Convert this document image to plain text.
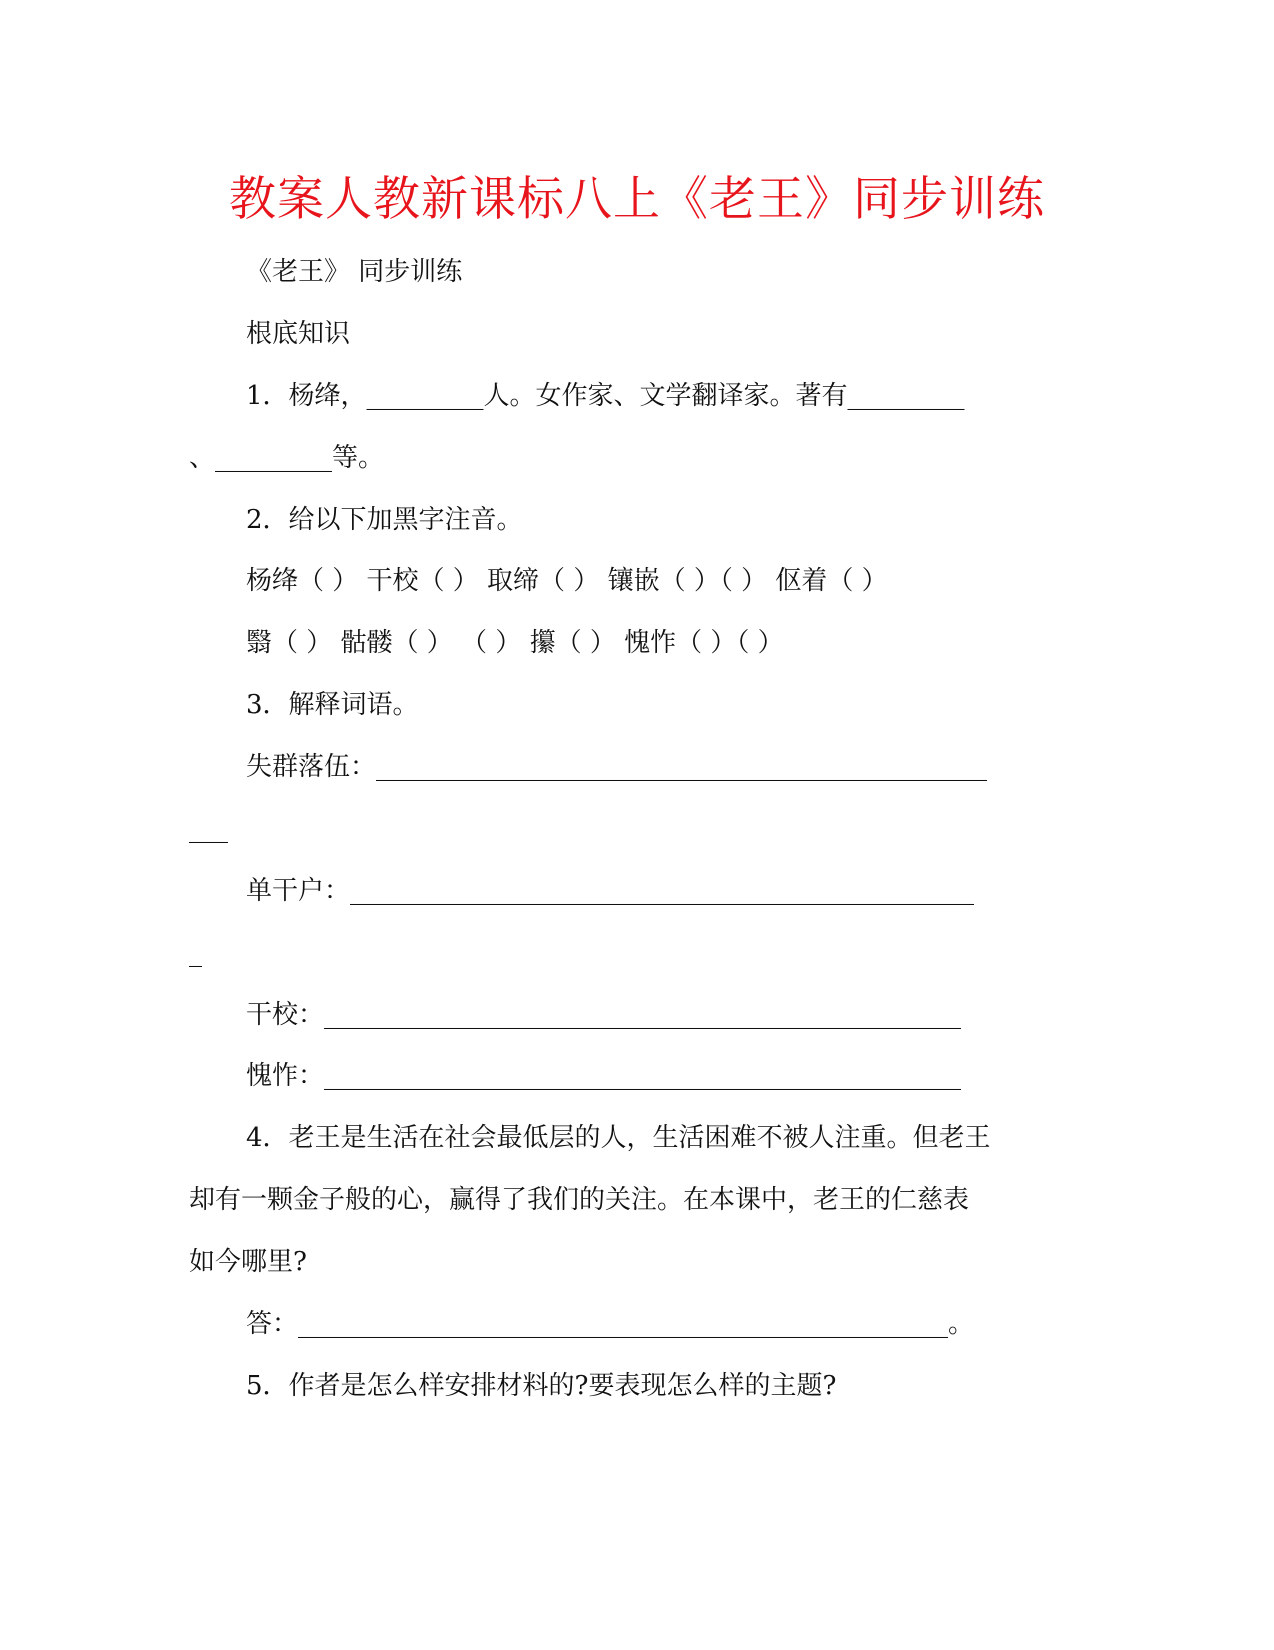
教案人教新课标八上《老王》同步训练
《老王》 同步训练
根底知识
1．杨绛，_________人。女作家、文学翻译家。著有_________
、_________等。
2．给以下加黑字注音。
杨绛（ ） 干校（ ） 取缔（ ） 镶嵌（ ）（ ） 伛着（ ）
翳（ ） 骷髅（ ） （ ） 攥（ ） 愧怍（ ）（ ）
3．解释词语。
失群落伍：_______________________________________________
___
单干户：________________________________________________
_
干校：_________________________________________________
愧怍：_________________________________________________
4．老王是生活在社会最低层的人，生活困难不被人注重。但老王
却有一颗金子般的心，赢得了我们的关注。在本课中，老王的仁慈表
如今哪里?
答：__________________________________________________。
5．作者是怎么样安排材料的?要表现怎么样的主题?
